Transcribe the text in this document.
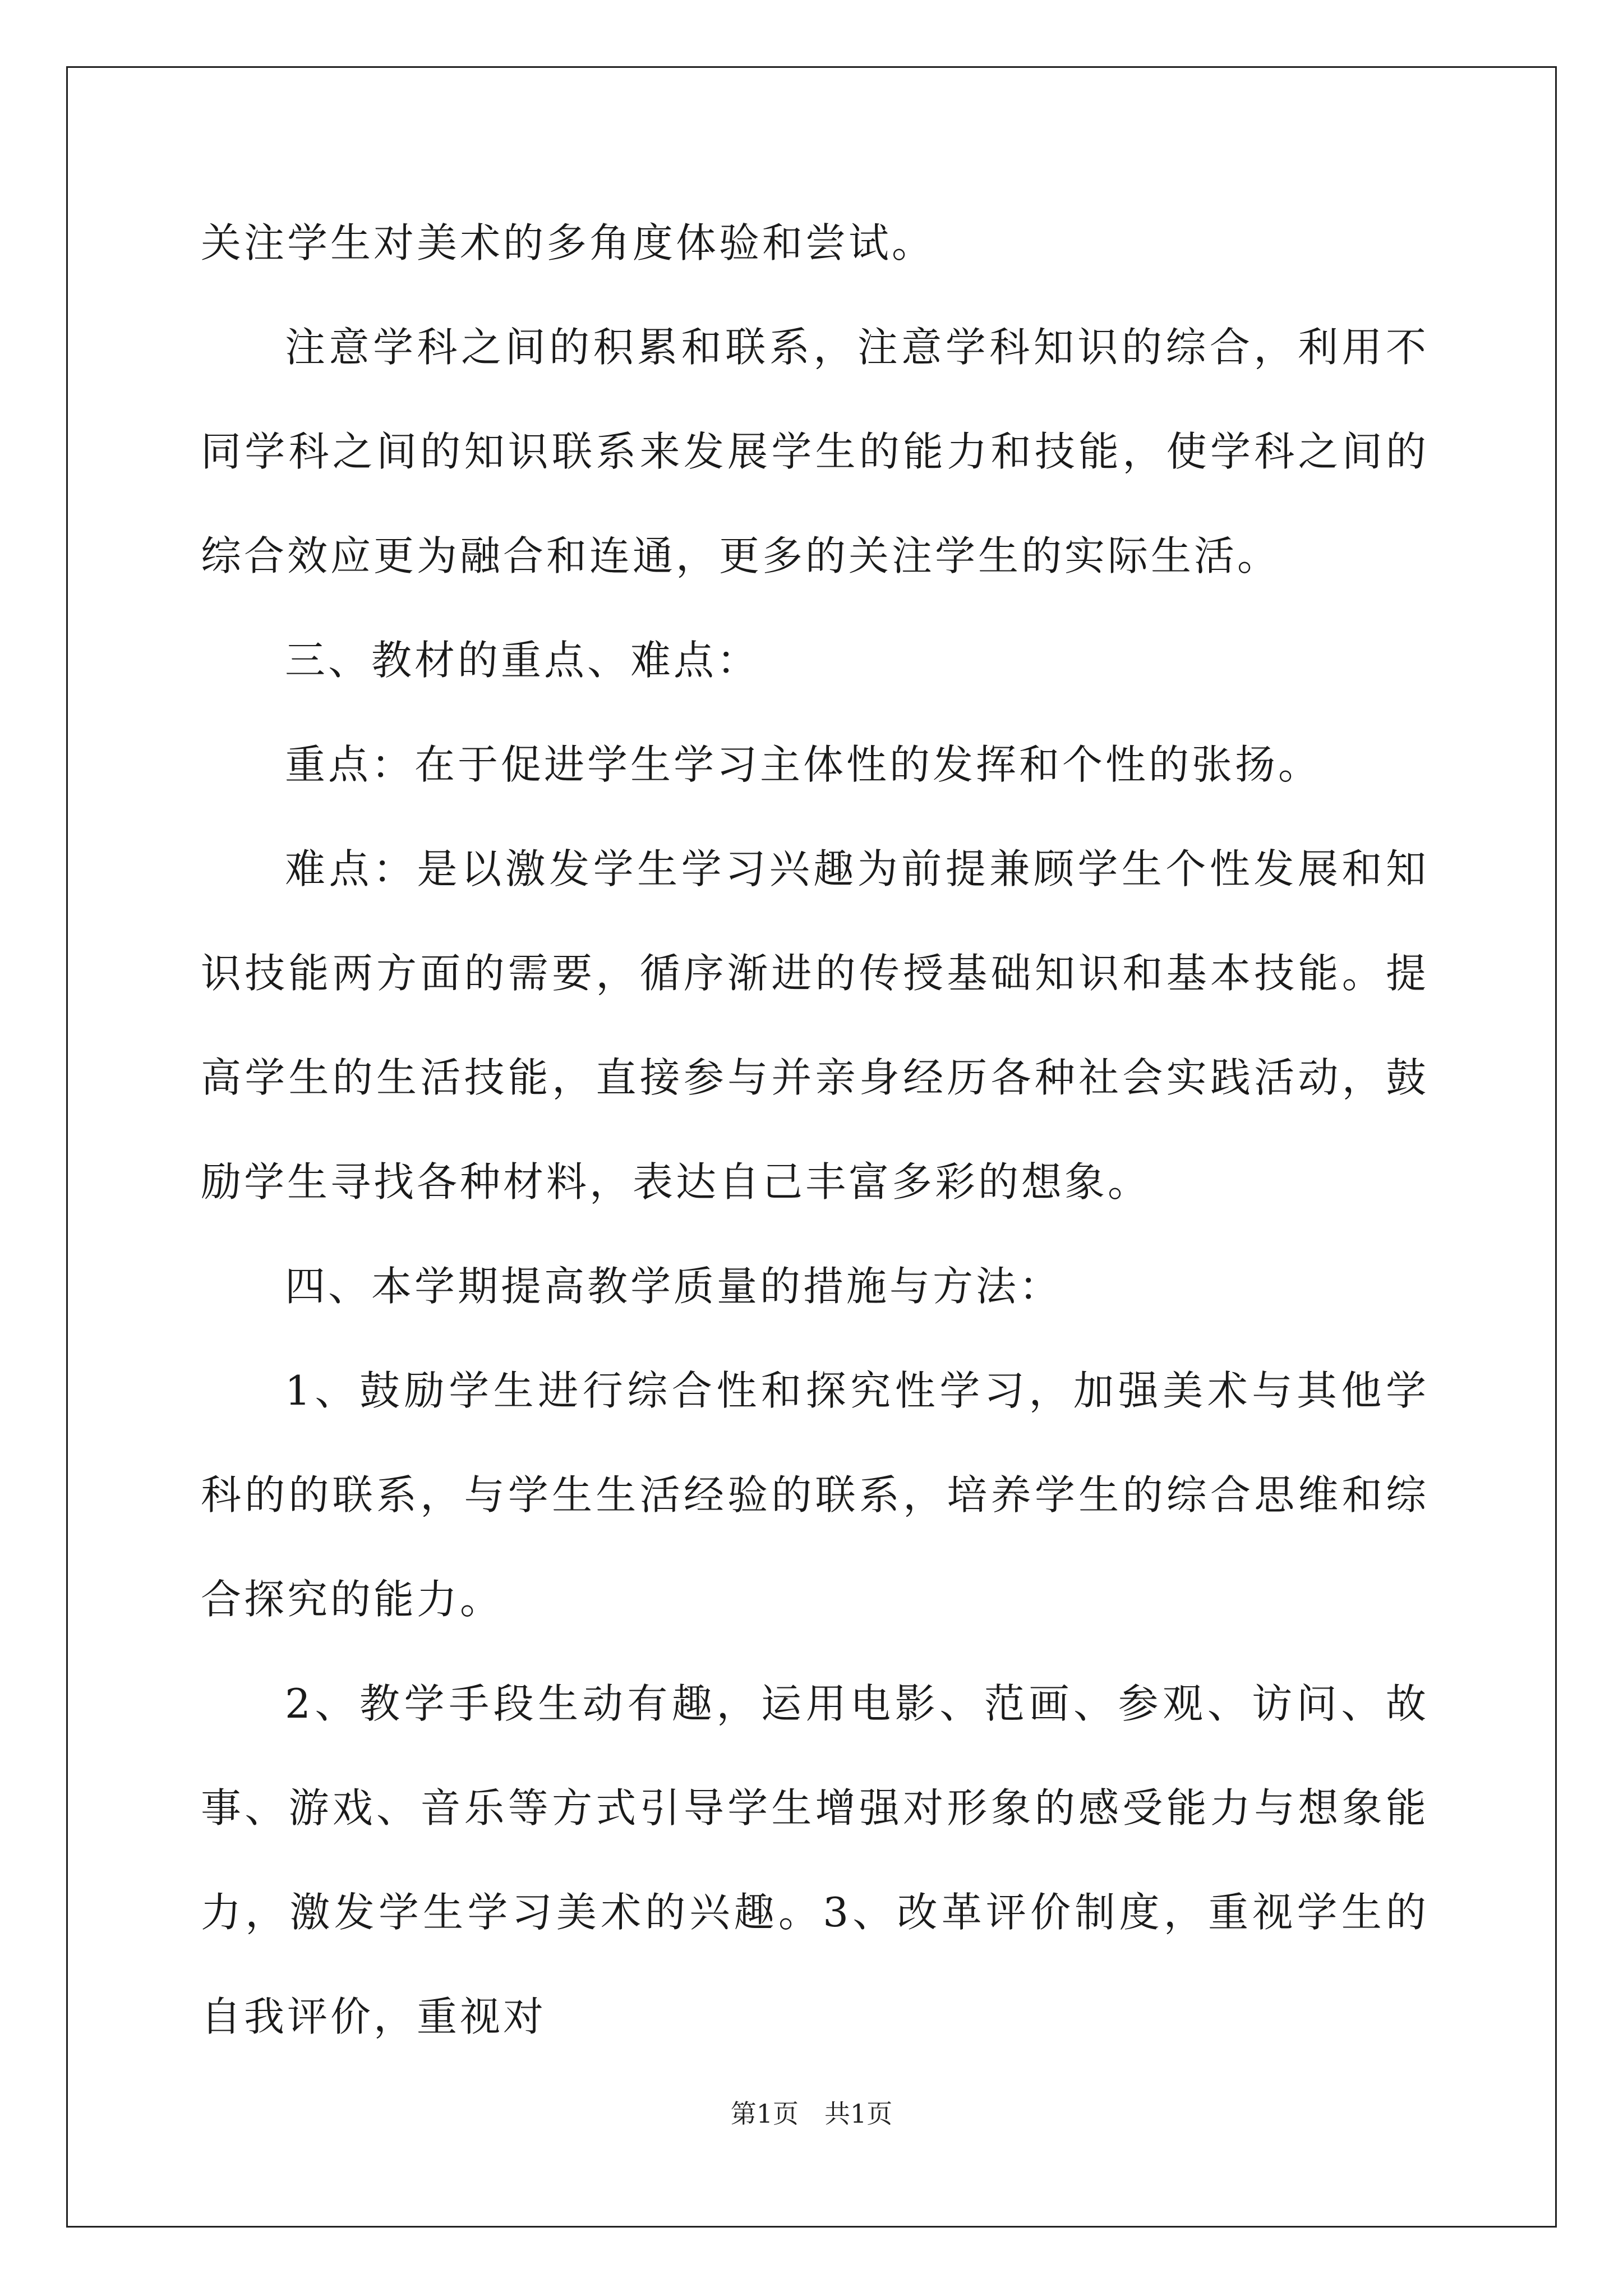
关注学生对美术的多角度体验和尝试。

注意学科之间的积累和联系，注意学科知识的综合，利用不同学科之间的知识联系来发展学生的能力和技能，使学科之间的综合效应更为融合和连通，更多的关注学生的实际生活。

三、教材的重点、难点：

重点：在于促进学生学习主体性的发挥和个性的张扬。

难点：是以激发学生学习兴趣为前提兼顾学生个性发展和知识技能两方面的需要，循序渐进的传授基础知识和基本技能。提高学生的生活技能，直接参与并亲身经历各种社会实践活动，鼓励学生寻找各种材料，表达自己丰富多彩的想象。

四、本学期提高教学质量的措施与方法：

1、鼓励学生进行综合性和探究性学习，加强美术与其他学科的的联系，与学生生活经验的联系，培养学生的综合思维和综合探究的能力。

2、教学手段生动有趣，运用电影、范画、参观、访问、故事、游戏、音乐等方式引导学生增强对形象的感受能力与想象能力，激发学生学习美术的兴趣。3、改革评价制度，重视学生的自我评价，重视对

第1页 共1页
